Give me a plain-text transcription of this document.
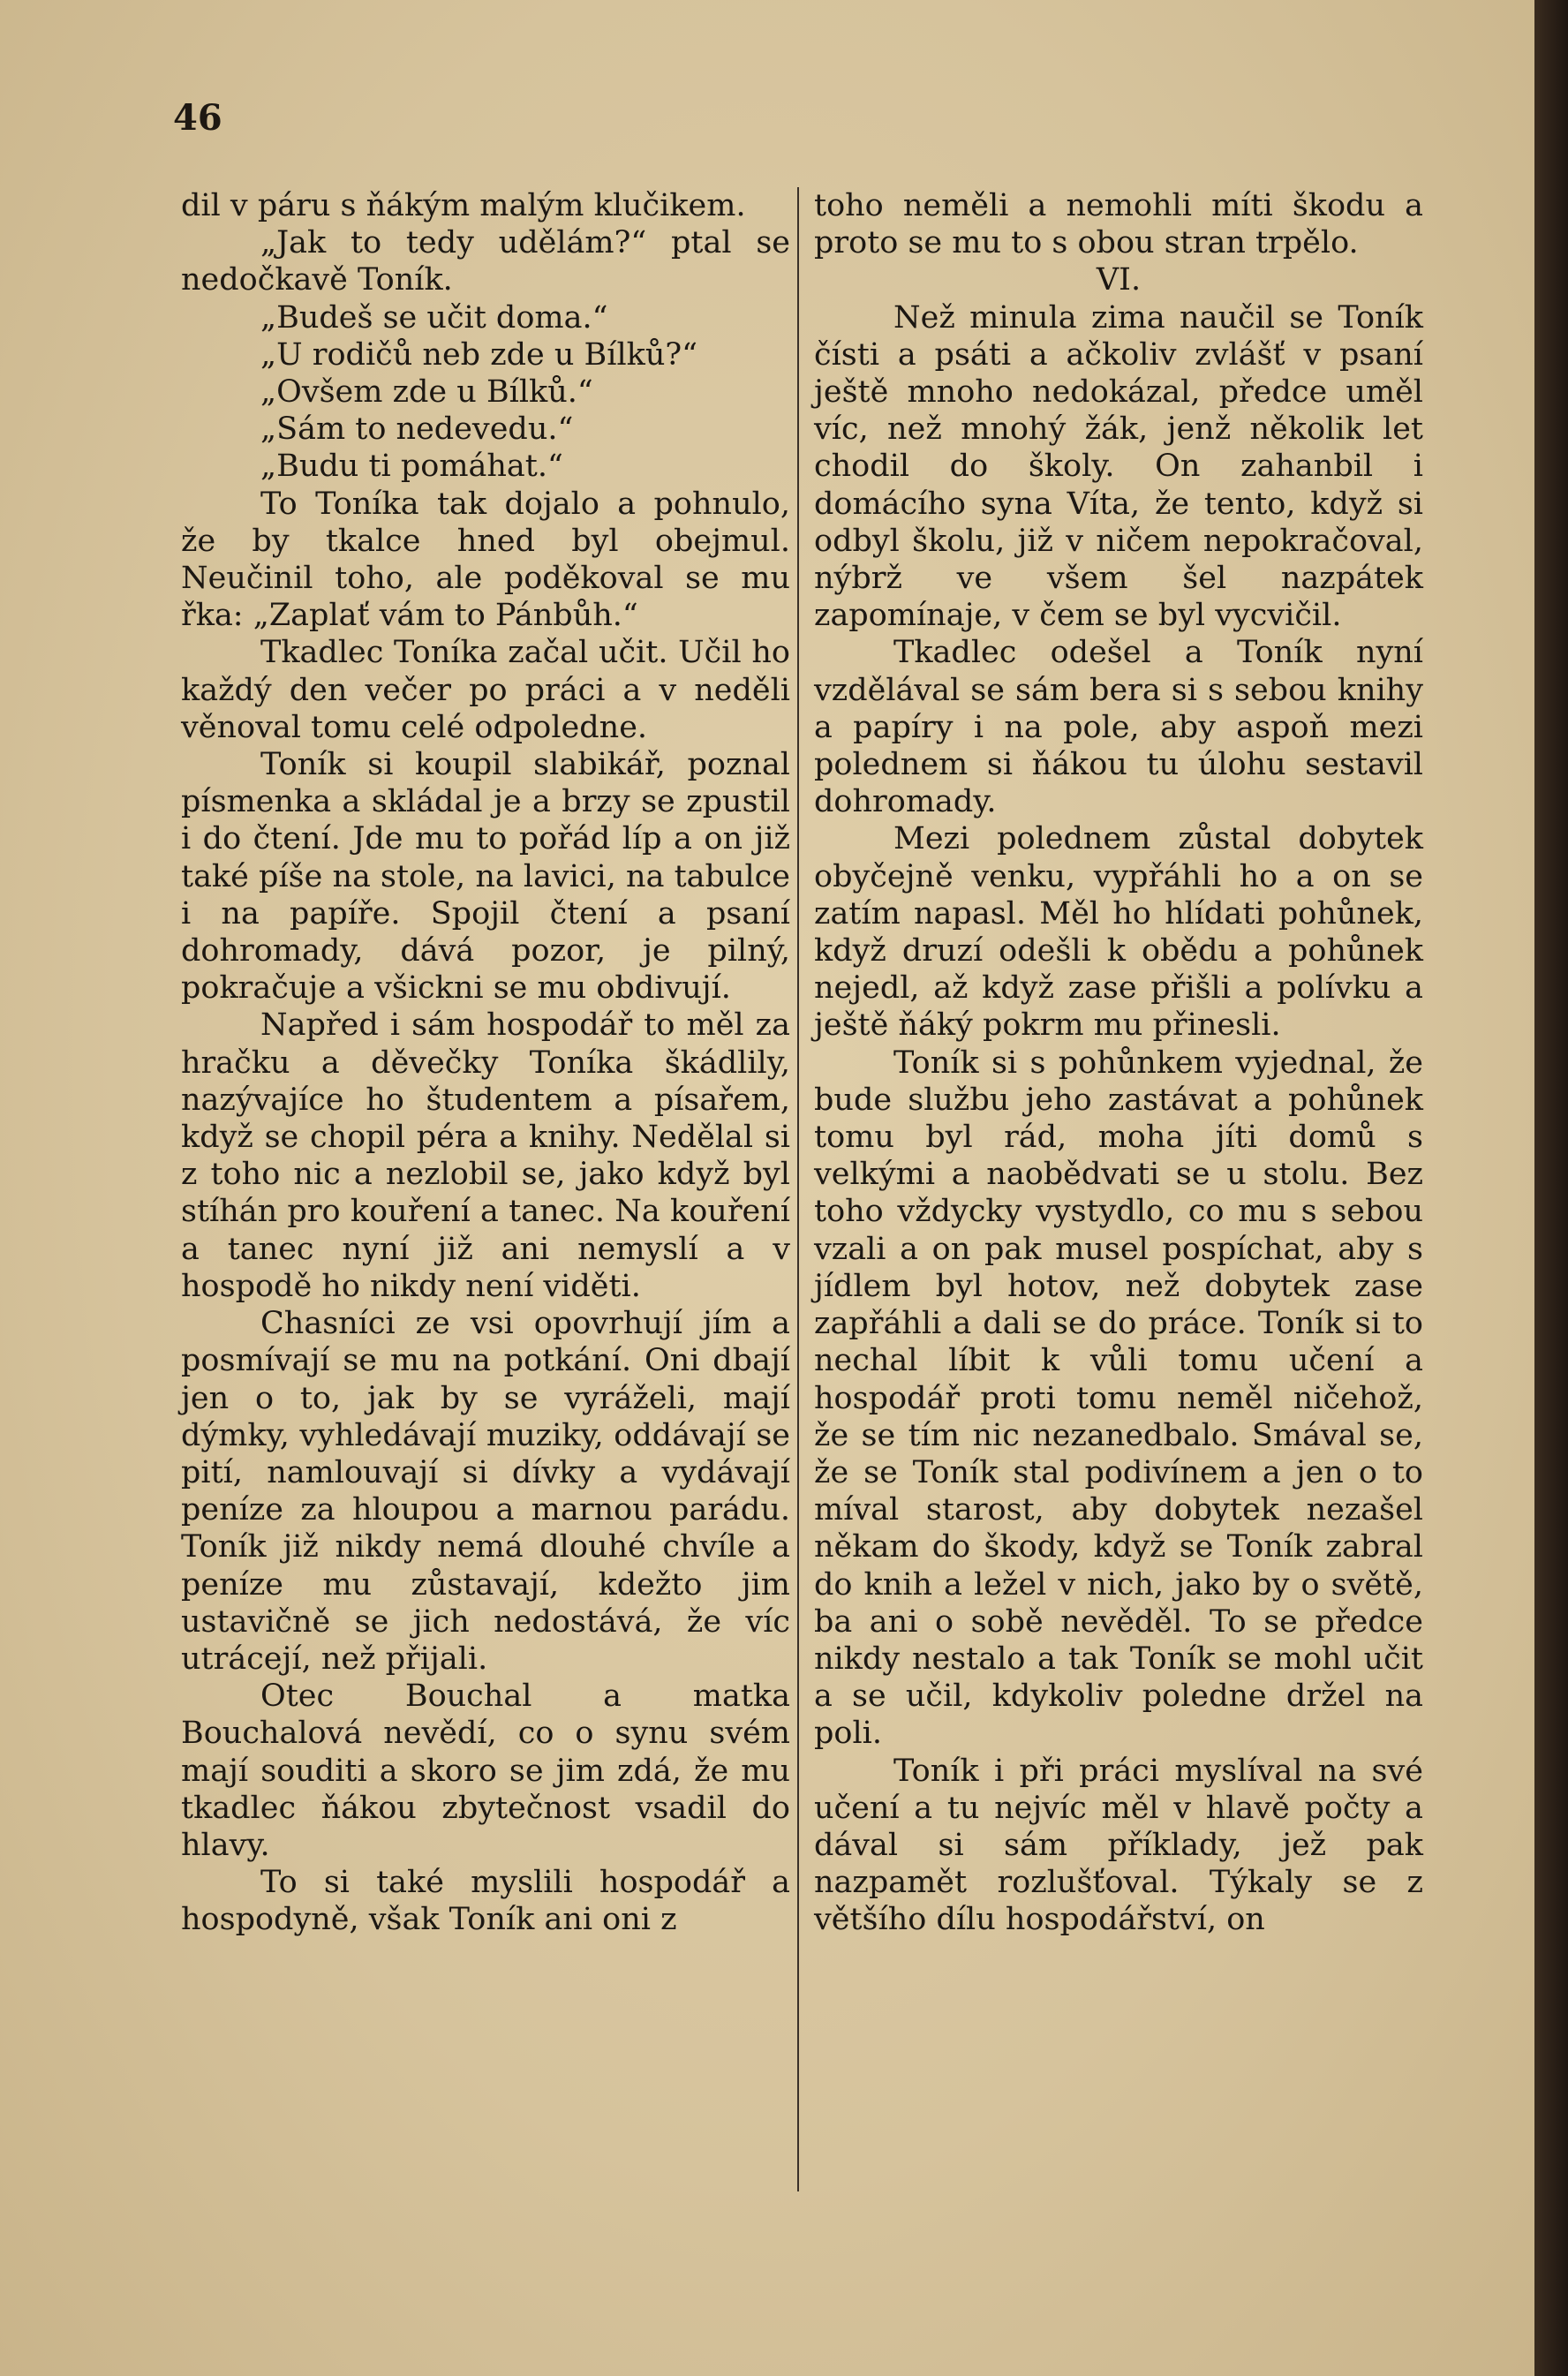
46

dil v páru s ňákým malým klučikem.

„Jak to tedy udělám?“ ptal se nedočkavě Toník.

„Budeš se učit doma.“

„U rodičů neb zde u Bílků?“

„Ovšem zde u Bílků.“

„Sám to nedevedu.“

„Budu ti pomáhat.“

To Toníka tak dojalo a pohnulo, že by tkalce hned byl obejmul. Neučinil toho, ale poděkoval se mu řka: „Zaplať vám to Pánbůh.“

Tkadlec Toníka začal učit. Učil ho každý den večer po práci a v neděli věnoval tomu celé odpoledne.

Toník si koupil slabikář, poznal písmenka a skládal je a brzy se zpustil i do čtení. Jde mu to pořád líp a on již také píše na stole, na lavici, na tabulce i na papíře. Spojil čtení a psaní dohromady, dává pozor, je pilný, pokračuje a všickni se mu obdivují.

Napřed i sám hospodář to měl za hračku a děvečky Toníka škádlily, nazývajíce ho študentem a písařem, když se chopil péra a knihy. Nedělal si z toho nic a nezlobil se, jako když byl stíhán pro kouření a tanec. Na kouření a tanec nyní již ani nemyslí a v hospodě ho nikdy není viděti.

Chasníci ze vsi opovrhují jím a posmívají se mu na potkání. Oni dbají jen o to, jak by se vyráželi, mají dýmky, vyhledávají muziky, oddávají se pití, namlouvají si dívky a vydávají peníze za hloupou a marnou parádu. Toník již nikdy nemá dlouhé chvíle a peníze mu zůstavají, kdežto jim ustavičně se jich nedostává, že víc utrácejí, než přijali.

Otec Bouchal a matka Bouchalová nevědí, co o synu svém mají souditi a skoro se jim zdá, že mu tkadlec ňákou zbytečnost vsadil do hlavy.

To si také myslili hospodář a hospodyně, však Toník ani oni z

toho neměli a nemohli míti škodu a proto se mu to s obou stran trpělo.

VI.

Než minula zima naučil se Toník čísti a psáti a ačkoliv zvlášť v psaní ještě mnoho nedokázal, předce uměl víc, než mnohý žák, jenž několik let chodil do školy. On zahanbil i domácího syna Víta, že tento, když si odbyl školu, již v ničem nepokračoval, nýbrž ve všem šel nazpátek zapomínaje, v čem se byl vycvičil.

Tkadlec odešel a Toník nyní vzdělával se sám bera si s sebou knihy a papíry i na pole, aby aspoň mezi polednem si ňákou tu úlohu sestavil dohromady.

Mezi polednem zůstal dobytek obyčejně venku, vypřáhli ho a on se zatím napasl. Měl ho hlídati pohůnek, když druzí odešli k obědu a pohůnek nejedl, až když zase přišli a polívku a ještě ňáký pokrm mu přinesli.

Toník si s pohůnkem vyjednal, že bude službu jeho zastávat a pohůnek tomu byl rád, moha jíti domů s velkými a naobědvati se u stolu. Bez toho vždycky vystydlo, co mu s sebou vzali a on pak musel pospíchat, aby s jídlem byl hotov, než dobytek zase zapřáhli a dali se do práce. Toník si to nechal líbit k vůli tomu učení a hospodář proti tomu neměl ničehož, že se tím nic nezanedbalo. Smával se, že se Toník stal podivínem a jen o to míval starost, aby dobytek nezašel někam do škody, když se Toník zabral do knih a ležel v nich, jako by o světě, ba ani o sobě nevěděl. To se předce nikdy nestalo a tak Toník se mohl učit a se učil, kdykoliv poledne držel na poli.

Toník i při práci myslíval na své učení a tu nejvíc měl v hlavě počty a dával si sám příklady, jež pak nazpamět rozlušťoval. Týkaly se z většího dílu hospodářství, on
